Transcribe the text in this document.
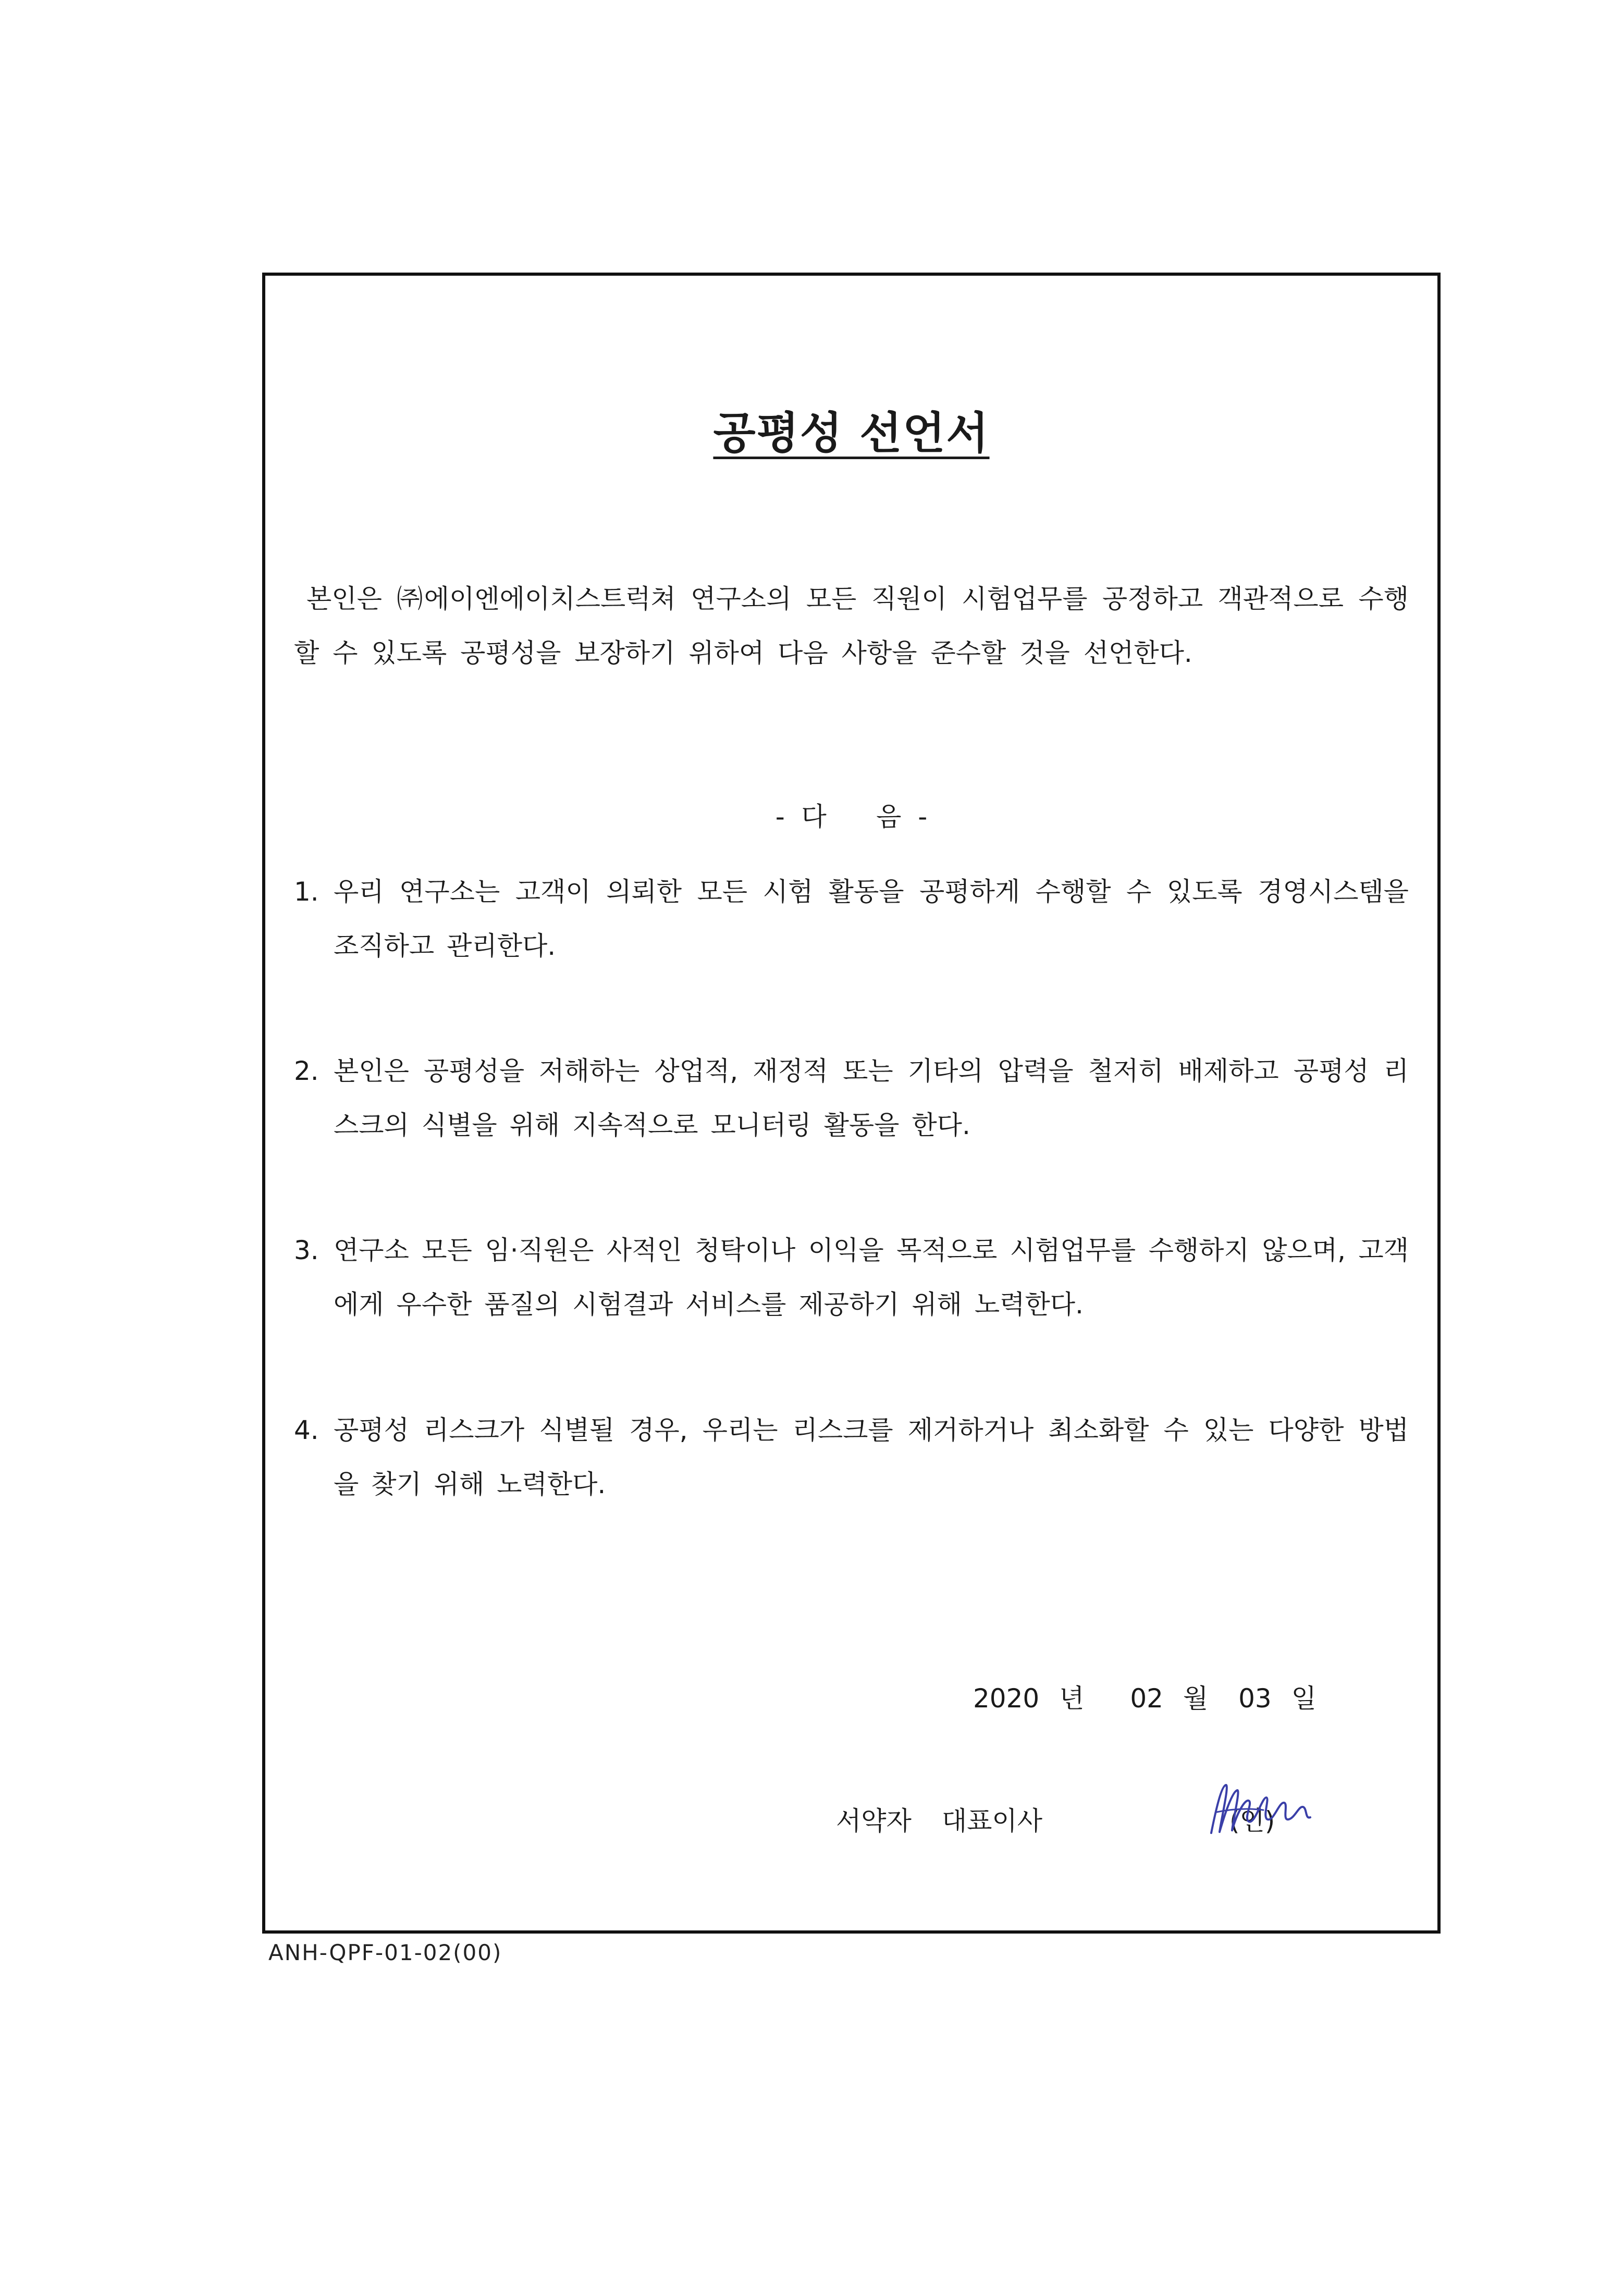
공평성 선언서
본인은 ㈜에이엔에이치스트럭쳐 연구소의 모든 직원이 시험업무를 공정하고 객관적으로 수행할 수 있도록 공평성을 보장하기 위하여 다음 사항을 준수할 것을 선언한다.
-  다      음  -
1. 우리 연구소는 고객이 의뢰한 모든 시험 활동을 공평하게 수행할 수 있도록 경영시스템을 조직하고 관리한다.
2. 본인은 공평성을 저해하는 상업적, 재정적 또는 기타의 압력을 철저히 배제하고 공평성 리스크의 식별을 위해 지속적으로 모니터링 활동을 한다.
3. 연구소 모든 임·직원은 사적인 청탁이나 이익을 목적으로 시험업무를 수행하지 않으며, 고객에게 우수한 품질의 시험결과 서비스를 제공하기 위해 노력한다.
4. 공평성 리스크가 식별될 경우, 우리는 리스크를 제거하거나 최소화할 수 있는 다양한 방법을 찾기 위해 노력한다.
2020 년 02 월 03 일
서약자 대표이사	(인)
ANH-QPF-01-02(00)
